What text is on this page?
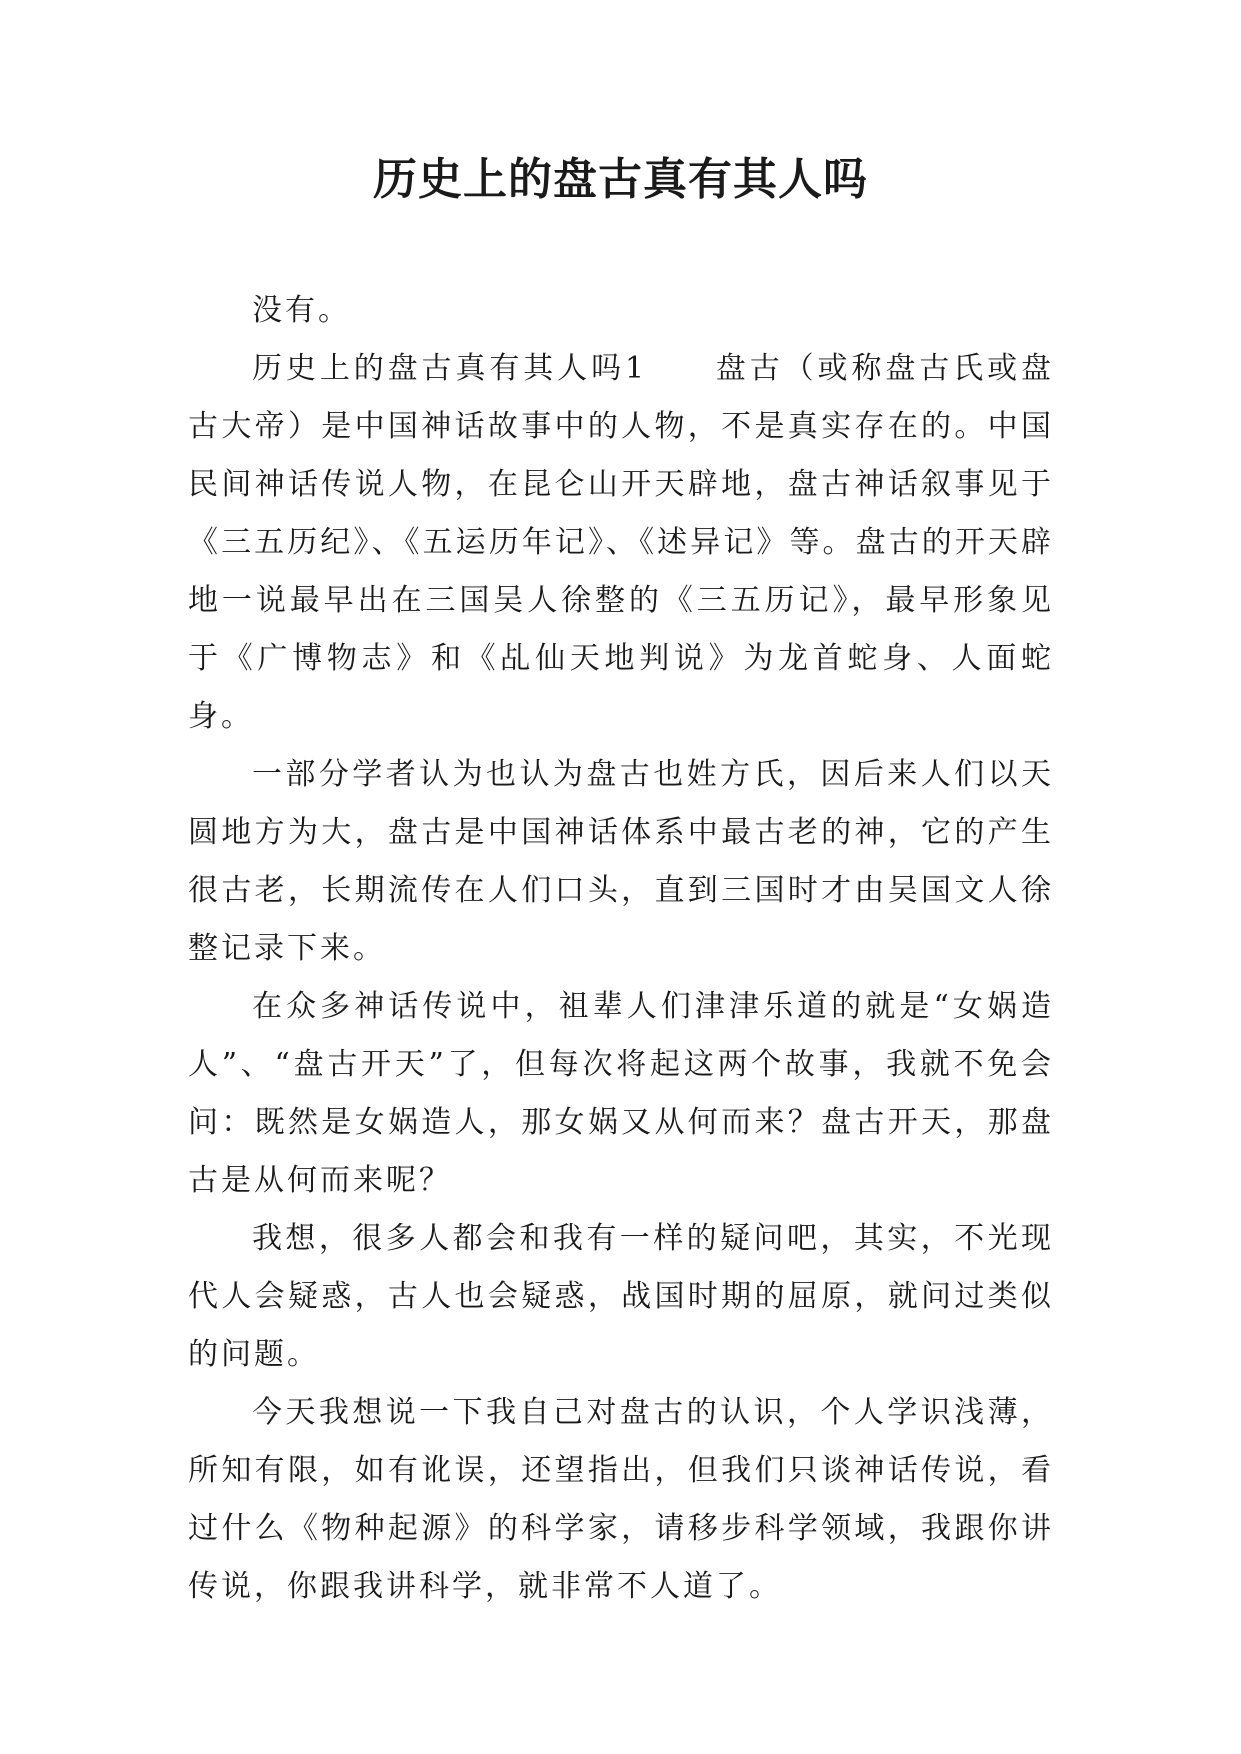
历史上的盘古真有其人吗

没有。

历史上的盘古真有其人吗1　　盘古（或称盘古氏或盘古大帝）是中国神话故事中的人物，不是真实存在的。中国民间神话传说人物，在昆仑山开天辟地，盘古神话叙事见于《三五历纪》、《五运历年记》、《述异记》等。盘古的开天辟地一说最早出在三国吴人徐整的《三五历记》，最早形象见于《广博物志》和《乩仙天地判说》为龙首蛇身、人面蛇身。

一部分学者认为也认为盘古也姓方氏，因后来人们以天圆地方为大，盘古是中国神话体系中最古老的神，它的产生很古老，长期流传在人们口头，直到三国时才由吴国文人徐整记录下来。

在众多神话传说中，祖辈人们津津乐道的就是“女娲造人”、“盘古开天”了，但每次将起这两个故事，我就不免会问：既然是女娲造人，那女娲又从何而来？盘古开天，那盘古是从何而来呢？

我想，很多人都会和我有一样的疑问吧，其实，不光现代人会疑惑，古人也会疑惑，战国时期的屈原，就问过类似的问题。

今天我想说一下我自己对盘古的认识，个人学识浅薄，所知有限，如有讹误，还望指出，但我们只谈神话传说，看过什么《物种起源》的科学家，请移步科学领域，我跟你讲传说，你跟我讲科学，就非常不人道了。
